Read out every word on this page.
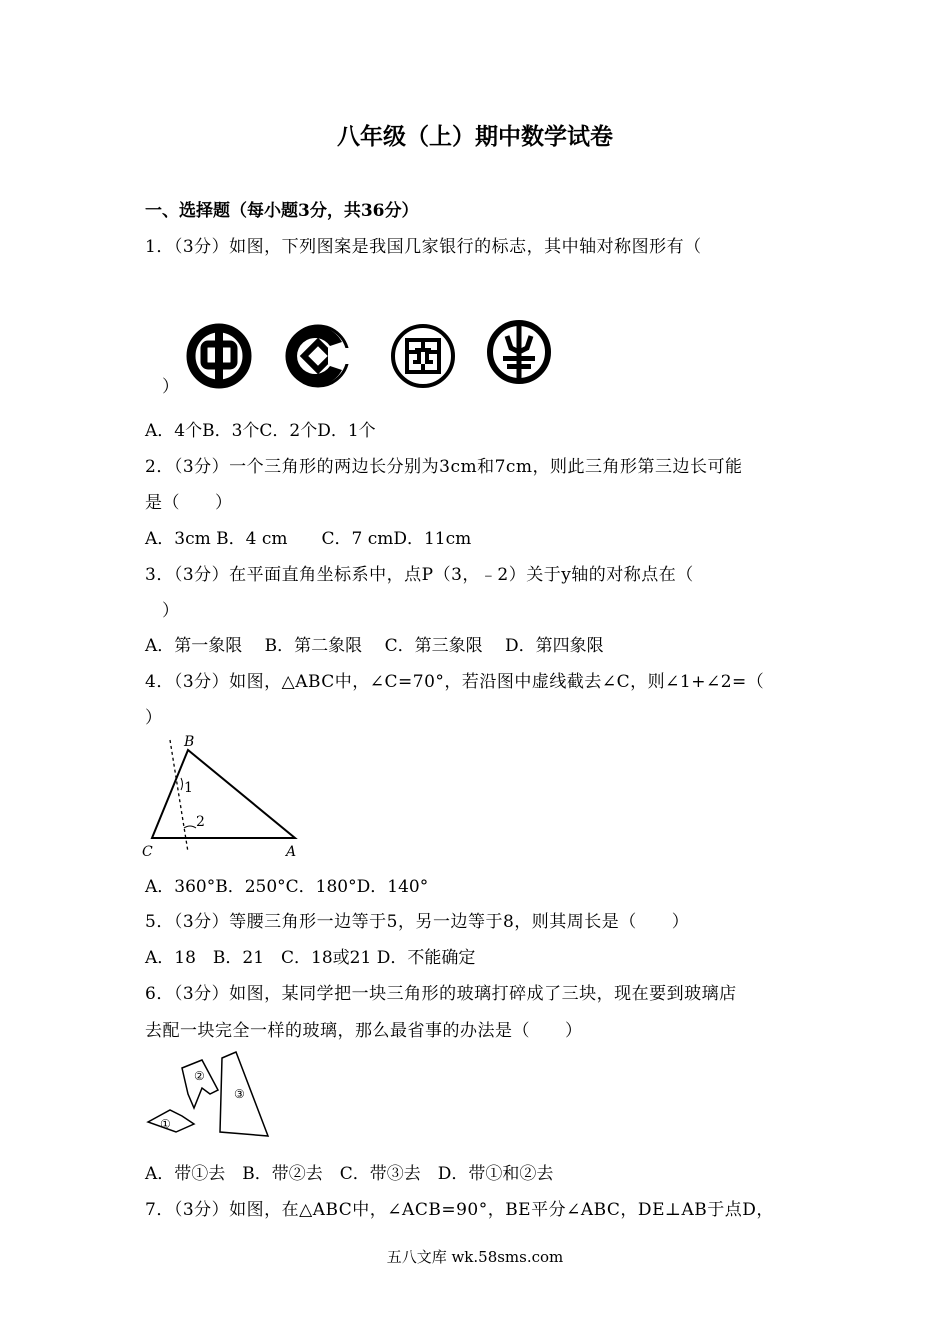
八年级（上）期中数学试卷
一、选择题（每小题3分，共36分）
1．（3分）如图，下列图案是我国几家银行的标志，其中轴对称图形有（
）
A．4个B．3个C．2个D．1个
2．（3分）一个三角形的两边长分别为3cm和7cm，则此三角形第三边长可能
是（　　）
A．3cm B．4 cm　　C．7 cmD．11cm
3．（3分）在平面直角坐标系中，点P（3，﹣2）关于y轴的对称点在（
）
A．第一象限　 B．第二象限　 C．第三象限　 D．第四象限
4．（3分）如图，△ABC中，∠C=70°，若沿图中虚线截去∠C，则∠1+∠2=（
）
B
C	A
1
2
A．360°B．250°C．180°D．140°
5．（3分）等腰三角形一边等于5，另一边等于8，则其周长是（　　）
A．18　B．21　C．18或21 D．不能确定
6．（3分）如图，某同学把一块三角形的玻璃打碎成了三块，现在要到玻璃店
去配一块完全一样的玻璃，那么最省事的办法是（　　）
①
②
③
A．带①去　B．带②去　C．带③去　D．带①和②去
7．（3分）如图，在△ABC中，∠ACB=90°，BE平分∠ABC，DE⊥AB于点D，
五八文库 wk.58sms.com
